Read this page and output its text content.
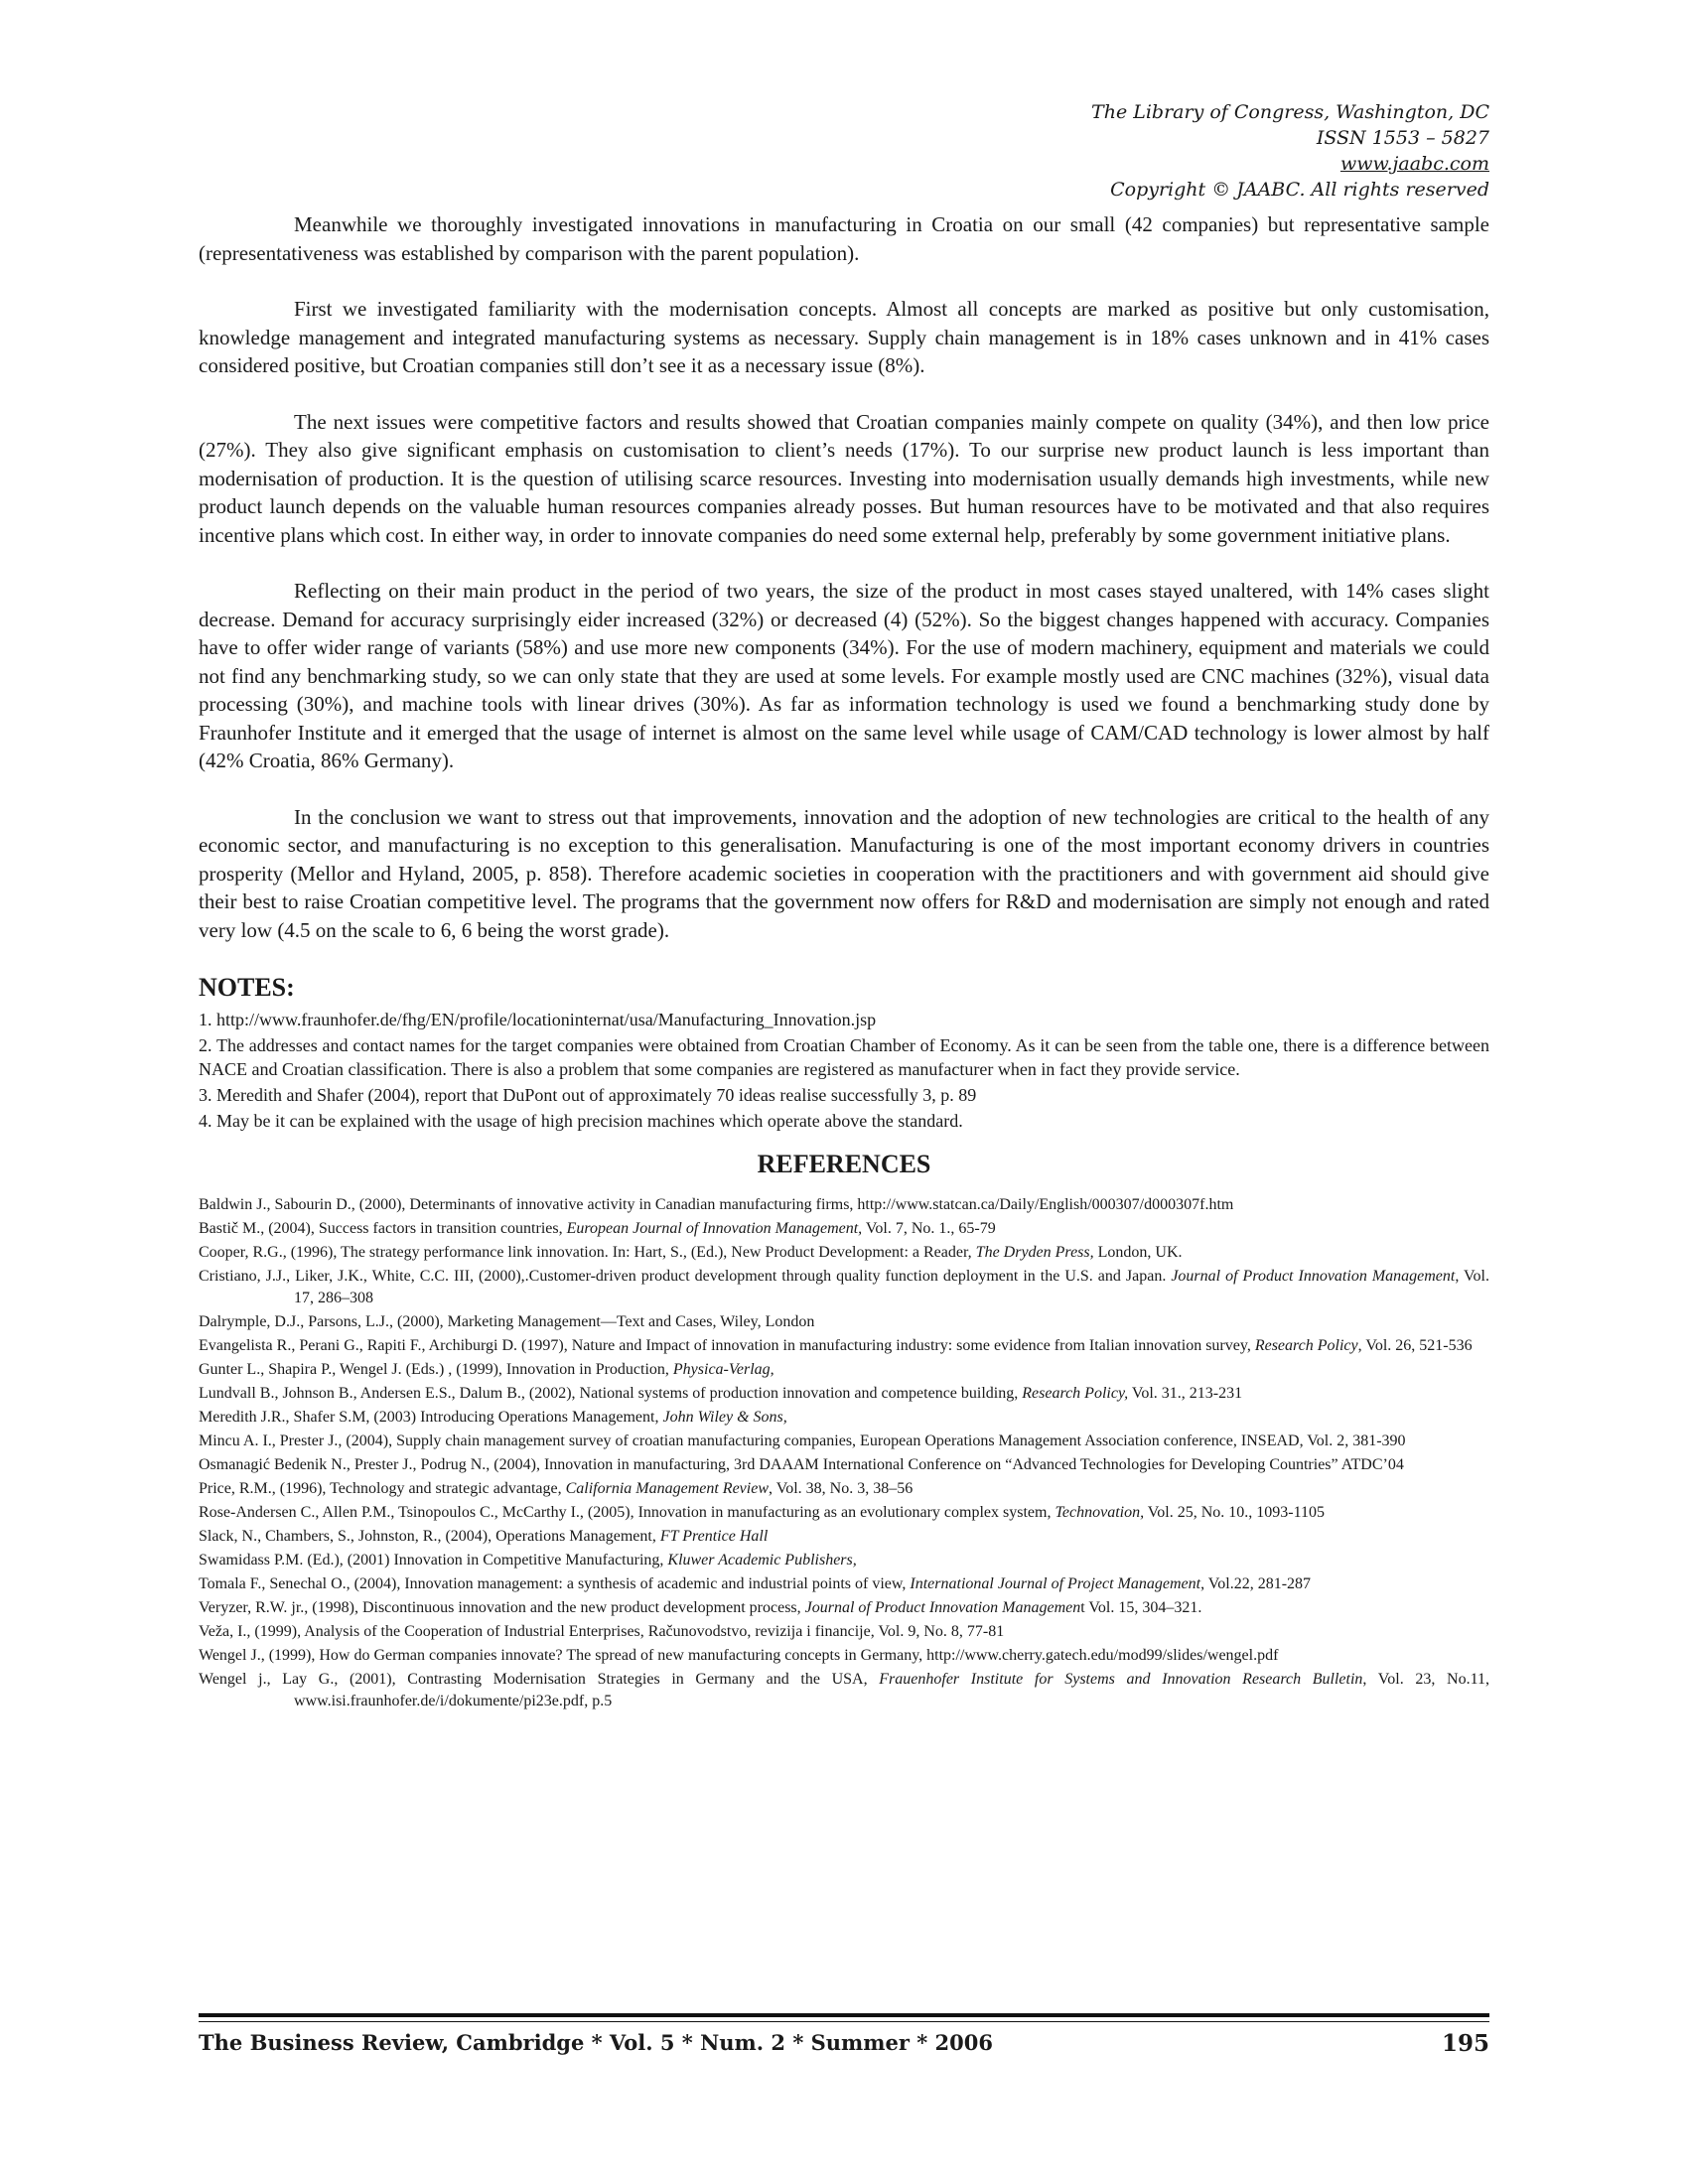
The Library of Congress, Washington, DC
ISSN 1553 – 5827
www.jaabc.com
Copyright © JAABC. All rights reserved

Meanwhile we thoroughly investigated innovations in manufacturing in Croatia on our small (42 companies) but representative sample (representativeness was established by comparison with the parent population).

First we investigated familiarity with the modernisation concepts. Almost all concepts are marked as positive but only customisation, knowledge management and integrated manufacturing systems as necessary. Supply chain management is in 18% cases unknown and in 41% cases considered positive, but Croatian companies still don’t see it as a necessary issue (8%).

The next issues were competitive factors and results showed that Croatian companies mainly compete on quality (34%), and then low price (27%). They also give significant emphasis on customisation to client’s needs (17%). To our surprise new product launch is less important than modernisation of production. It is the question of utilising scarce resources. Investing into modernisation usually demands high investments, while new product launch depends on the valuable human resources companies already posses. But human resources have to be motivated and that also requires incentive plans which cost. In either way, in order to innovate companies do need some external help, preferably by some government initiative plans.

Reflecting on their main product in the period of two years, the size of the product in most cases stayed unaltered, with 14% cases slight decrease. Demand for accuracy surprisingly eider increased (32%) or decreased (4) (52%). So the biggest changes happened with accuracy. Companies have to offer wider range of variants (58%) and use more new components (34%). For the use of modern machinery, equipment and materials we could not find any benchmarking study, so we can only state that they are used at some levels. For example mostly used are CNC machines (32%), visual data processing (30%), and machine tools with linear drives (30%). As far as information technology is used we found a benchmarking study done by Fraunhofer Institute and it emerged that the usage of internet is almost on the same level while usage of CAM/CAD technology is lower almost by half (42% Croatia, 86% Germany).

In the conclusion we want to stress out that improvements, innovation and the adoption of new technologies are critical to the health of any economic sector, and manufacturing is no exception to this generalisation. Manufacturing is one of the most important economy drivers in countries prosperity (Mellor and Hyland, 2005, p. 858). Therefore academic societies in cooperation with the practitioners and with government aid should give their best to raise Croatian competitive level. The programs that the government now offers for R&D and modernisation are simply not enough and rated very low (4.5 on the scale to 6, 6 being the worst grade).

NOTES:
1. http://www.fraunhofer.de/fhg/EN/profile/locationinternat/usa/Manufacturing_Innovation.jsp
2. The addresses and contact names for the target companies were obtained from Croatian Chamber of Economy. As it can be seen from the table one, there is a difference between NACE and Croatian classification. There is also a problem that some companies are registered as manufacturer when in fact they provide service.
3. Meredith and Shafer (2004), report that DuPont out of approximately 70 ideas realise successfully 3, p. 89
4. May be it can be explained with the usage of high precision machines which operate above the standard.
REFERENCES
Baldwin J., Sabourin D., (2000), Determinants of innovative activity in Canadian manufacturing firms, http://www.statcan.ca/Daily/English/000307/d000307f.htm
Bastič M., (2004), Success factors in transition countries, European Journal of Innovation Management, Vol. 7, No. 1., 65-79
Cooper, R.G., (1996), The strategy performance link innovation. In: Hart, S., (Ed.), New Product Development: a Reader, The Dryden Press, London, UK.
Cristiano, J.J., Liker, J.K., White, C.C. III, (2000),.Customer-driven product development through quality function deployment in the U.S. and Japan. Journal of Product Innovation Management, Vol. 17, 286–308
Dalrymple, D.J., Parsons, L.J., (2000), Marketing Management—Text and Cases, Wiley, London
Evangelista R., Perani G., Rapiti F., Archiburgi D. (1997), Nature and Impact of innovation in manufacturing industry: some evidence from Italian innovation survey, Research Policy, Vol. 26, 521-536
Gunter L., Shapira P., Wengel J. (Eds.) , (1999), Innovation in Production, Physica-Verlag,
Lundvall B., Johnson B., Andersen E.S., Dalum B., (2002), National systems of production innovation and competence building, Research Policy, Vol. 31., 213-231
Meredith J.R., Shafer S.M, (2003) Introducing Operations Management, John Wiley & Sons,
Mincu A. I., Prester J., (2004), Supply chain management survey of croatian manufacturing companies, European Operations Management Association conference, INSEAD, Vol. 2, 381-390
Osmanagić Bedenik N., Prester J., Podrug N., (2004), Innovation in manufacturing, 3rd DAAAM International Conference on “Advanced Technologies for Developing Countries” ATDC’04
Price, R.M., (1996), Technology and strategic advantage, California Management Review, Vol. 38, No. 3, 38–56
Rose-Andersen C., Allen P.M., Tsinopoulos C., McCarthy I., (2005), Innovation in manufacturing as an evolutionary complex system, Technovation, Vol. 25, No. 10., 1093-1105
Slack, N., Chambers, S., Johnston, R., (2004), Operations Management, FT Prentice Hall
Swamidass P.M. (Ed.), (2001) Innovation in Competitive Manufacturing, Kluwer Academic Publishers,
Tomala F., Senechal O., (2004), Innovation management: a synthesis of academic and industrial points of view, International Journal of Project Management, Vol.22, 281-287
Veryzer, R.W. jr., (1998), Discontinuous innovation and the new product development process, Journal of Product Innovation Management Vol. 15, 304–321.
Veža, I., (1999), Analysis of the Cooperation of Industrial Enterprises, Računovodstvo, revizija i financije, Vol. 9, No. 8, 77-81
Wengel J., (1999), How do German companies innovate? The spread of new manufacturing concepts in Germany, http://www.cherry.gatech.edu/mod99/slides/wengel.pdf
Wengel j., Lay G., (2001), Contrasting Modernisation Strategies in Germany and the USA, Frauenhofer Institute for Systems and Innovation Research Bulletin, Vol. 23, No.11, www.isi.fraunhofer.de/i/dokumente/pi23e.pdf, p.5
The Business Review, Cambridge * Vol. 5 * Num. 2 * Summer * 2006	195
